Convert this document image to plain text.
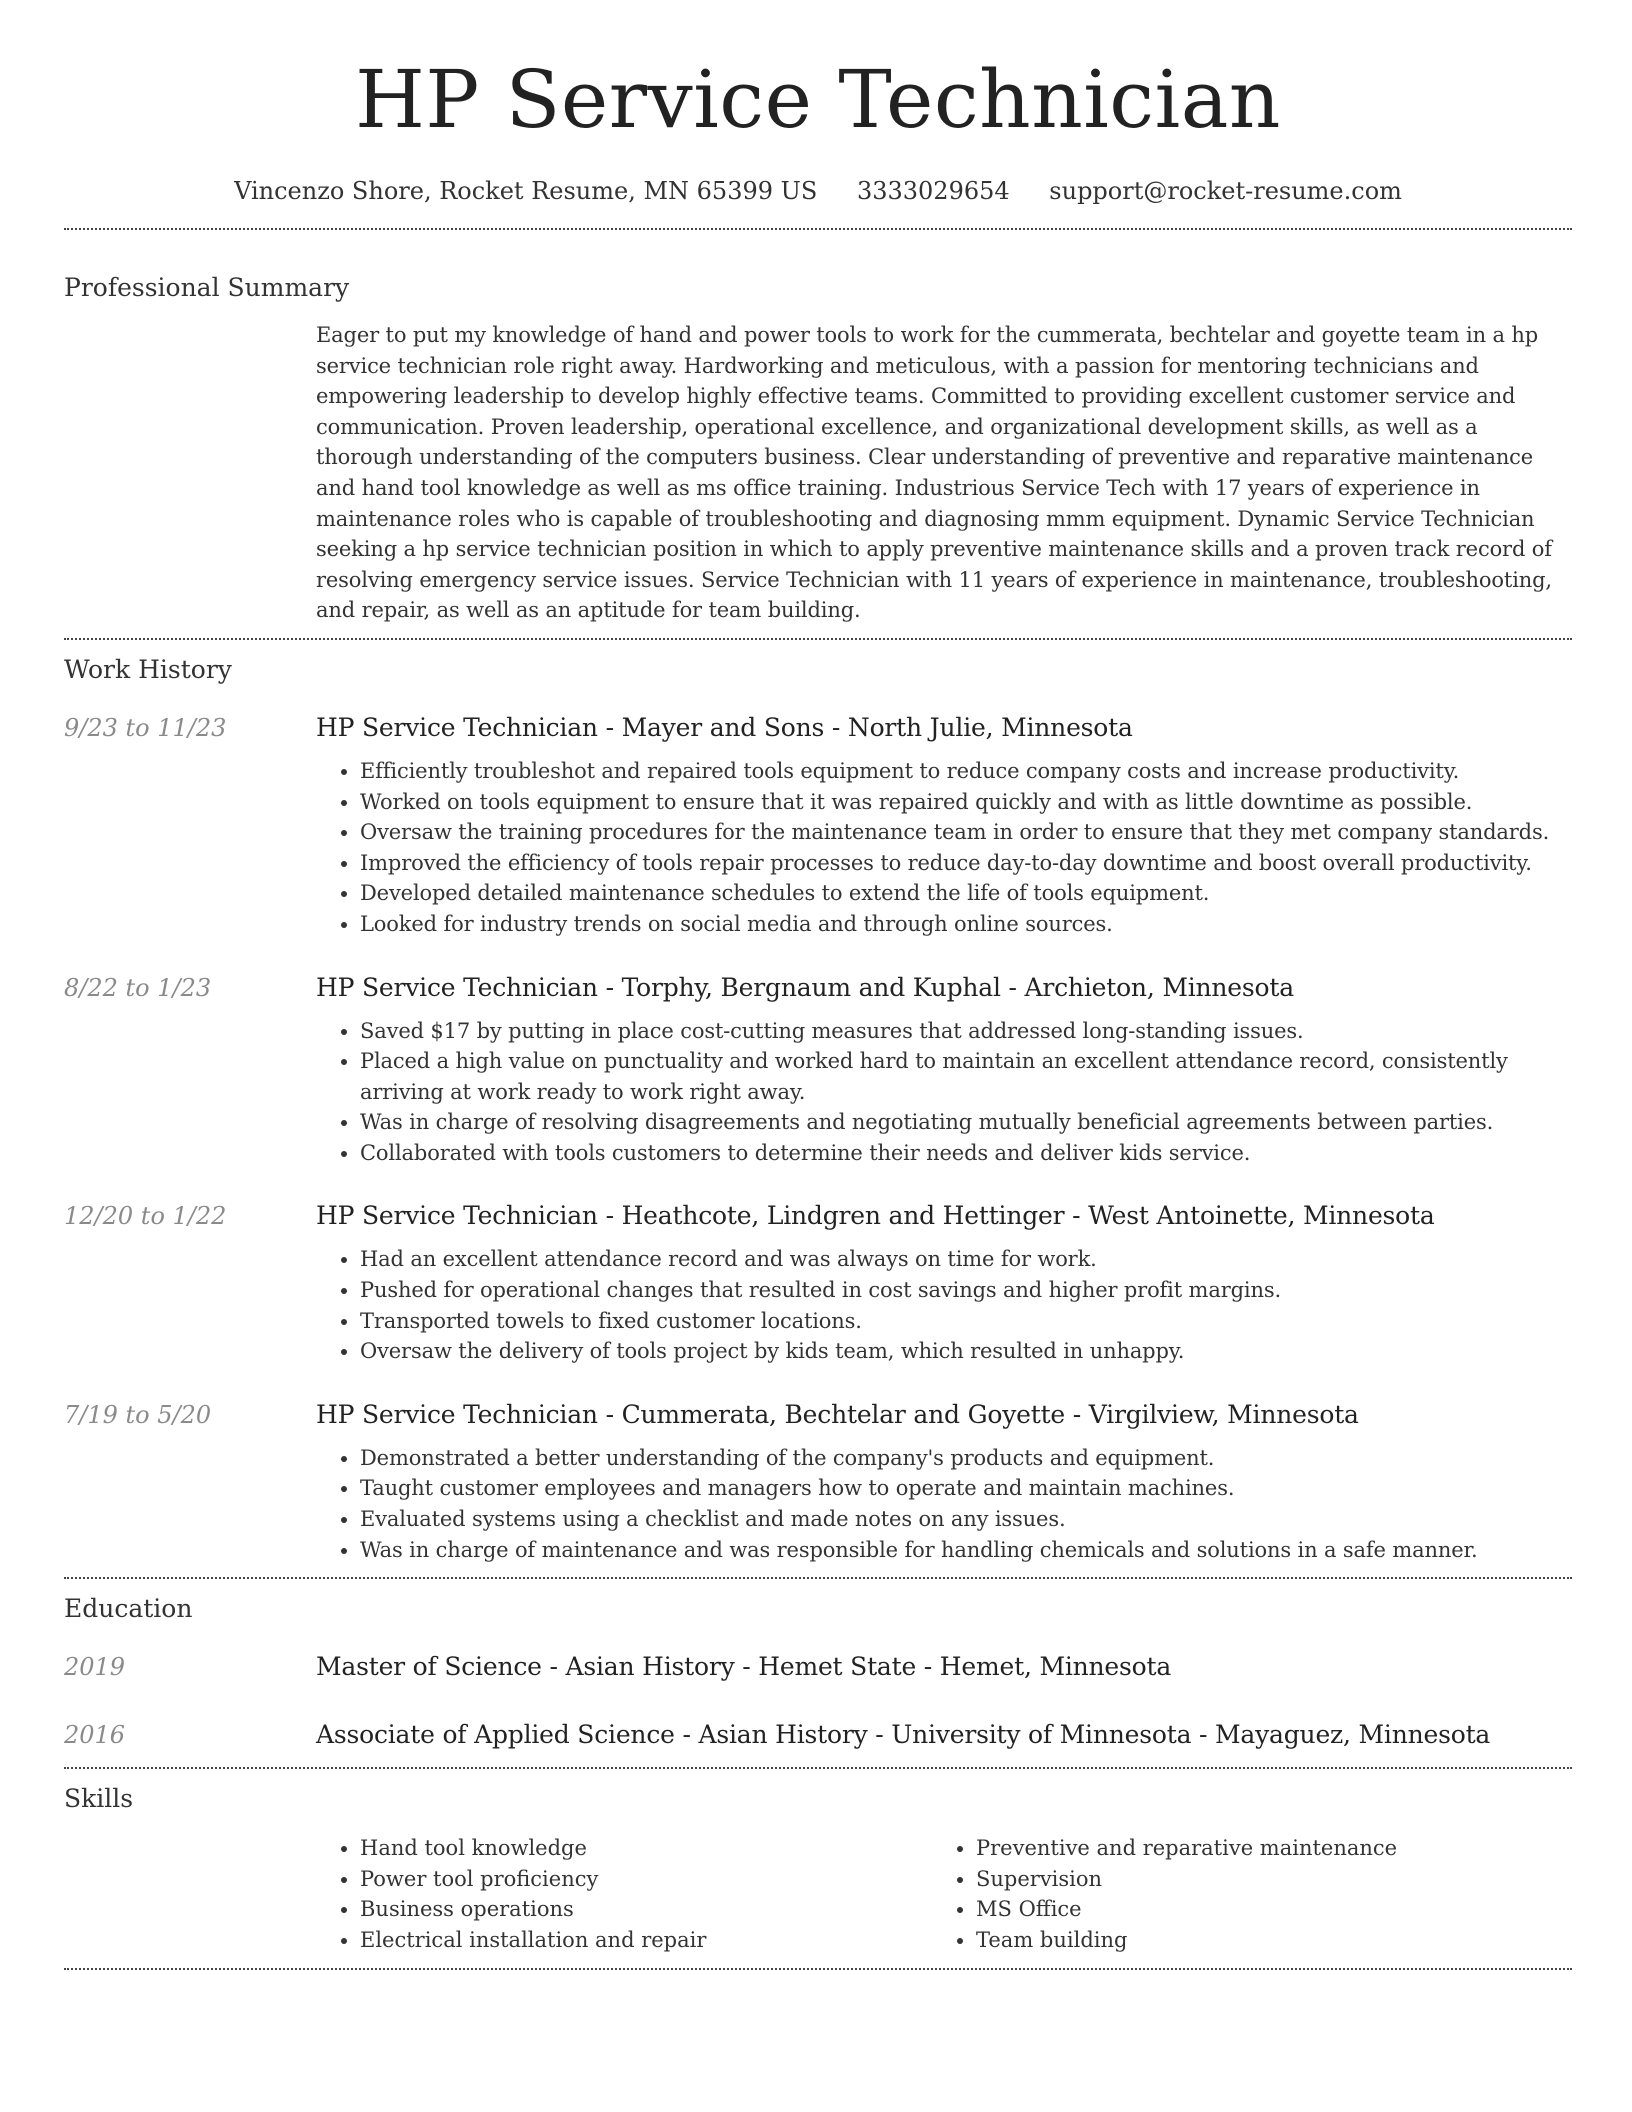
HP Service Technician
Vincenzo Shore, Rocket Resume, MN 65399 US 3333029654 support@rocket-resume.com
Professional Summary
Eager to put my knowledge of hand and power tools to work for the cummerata, bechtelar and goyette team in a hp service technician role right away. Hardworking and meticulous, with a passion for mentoring technicians and empowering leadership to develop highly effective teams. Committed to providing excellent customer service and communication. Proven leadership, operational excellence, and organizational development skills, as well as a thorough understanding of the computers business. Clear understanding of preventive and reparative maintenance and hand tool knowledge as well as ms office training. Industrious Service Tech with 17 years of experience in maintenance roles who is capable of troubleshooting and diagnosing mmm equipment. Dynamic Service Technician seeking a hp service technician position in which to apply preventive maintenance skills and a proven track record of resolving emergency service issues. Service Technician with 11 years of experience in maintenance, troubleshooting, and repair, as well as an aptitude for team building.
Work History
9/23 to 11/23	HP Service Technician - Mayer and Sons - North Julie, Minnesota
• Efficiently troubleshot and repaired tools equipment to reduce company costs and increase productivity.
• Worked on tools equipment to ensure that it was repaired quickly and with as little downtime as possible.
• Oversaw the training procedures for the maintenance team in order to ensure that they met company standards.
• Improved the efficiency of tools repair processes to reduce day-to-day downtime and boost overall productivity.
• Developed detailed maintenance schedules to extend the life of tools equipment.
• Looked for industry trends on social media and through online sources.
8/22 to 1/23	HP Service Technician - Torphy, Bergnaum and Kuphal - Archieton, Minnesota
• Saved $17 by putting in place cost-cutting measures that addressed long-standing issues.
• Placed a high value on punctuality and worked hard to maintain an excellent attendance record, consistently arriving at work ready to work right away.
• Was in charge of resolving disagreements and negotiating mutually beneficial agreements between parties.
• Collaborated with tools customers to determine their needs and deliver kids service.
12/20 to 1/22	HP Service Technician - Heathcote, Lindgren and Hettinger - West Antoinette, Minnesota
• Had an excellent attendance record and was always on time for work.
• Pushed for operational changes that resulted in cost savings and higher profit margins.
• Transported towels to fixed customer locations.
• Oversaw the delivery of tools project by kids team, which resulted in unhappy.
7/19 to 5/20	HP Service Technician - Cummerata, Bechtelar and Goyette - Virgilview, Minnesota
• Demonstrated a better understanding of the company's products and equipment.
• Taught customer employees and managers how to operate and maintain machines.
• Evaluated systems using a checklist and made notes on any issues.
• Was in charge of maintenance and was responsible for handling chemicals and solutions in a safe manner.
Education
2019	Master of Science - Asian History - Hemet State - Hemet, Minnesota
2016	Associate of Applied Science - Asian History - University of Minnesota - Mayaguez, Minnesota
Skills
• Hand tool knowledge
• Power tool proficiency
• Business operations
• Electrical installation and repair
• Preventive and reparative maintenance
• Supervision
• MS Office
• Team building
